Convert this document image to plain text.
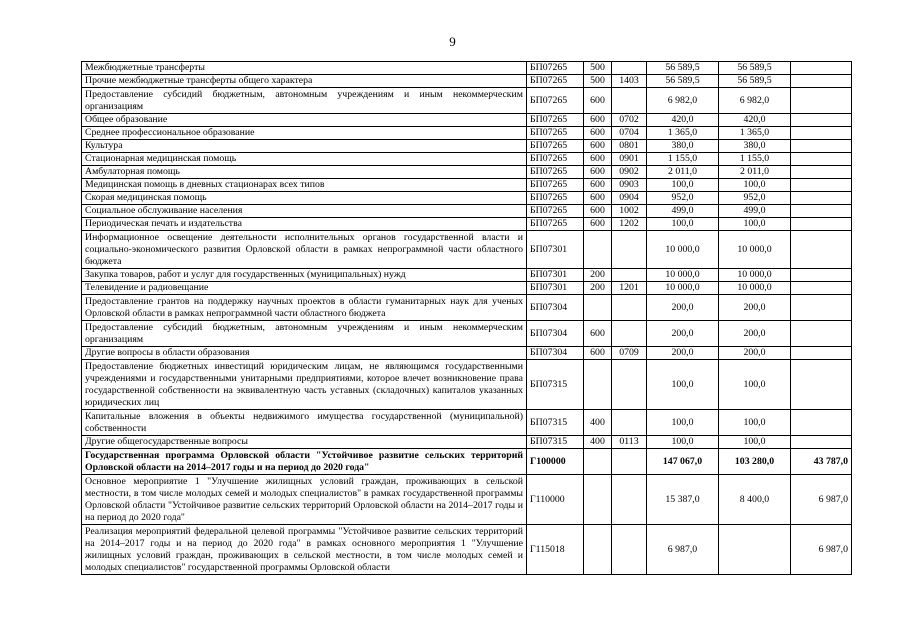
9
Межбюджетные трансферты	БП07265	500		56 589,5	56 589,5	
Прочие межбюджетные трансферты общего характера	БП07265	500	1403	56 589,5	56 589,5	
Предоставление субсидий бюджетным, автономным учреждениям и иным некоммерческим организациям	БП07265	600		6 982,0	6 982,0	
Общее образование	БП07265	600	0702	420,0	420,0	
Среднее профессиональное образование	БП07265	600	0704	1 365,0	1 365,0	
Культура	БП07265	600	0801	380,0	380,0	
Стационарная медицинская помощь	БП07265	600	0901	1 155,0	1 155,0	
Амбулаторная помощь	БП07265	600	0902	2 011,0	2 011,0	
Медицинская помощь в дневных стационарах всех типов	БП07265	600	0903	100,0	100,0	
Скорая медицинская помощь	БП07265	600	0904	952,0	952,0	
Социальное обслуживание населения	БП07265	600	1002	499,0	499,0	
Периодическая печать и издательства	БП07265	600	1202	100,0	100,0	
Информационное освещение деятельности исполнительных органов государственной власти и социально-экономического развития Орловской области в рамках непрограммной части областного бюджета	БП07301			10 000,0	10 000,0	
Закупка товаров, работ и услуг для государственных (муниципальных) нужд	БП07301	200		10 000,0	10 000,0	
Телевидение и радиовещание	БП07301	200	1201	10 000,0	10 000,0	
Предоставление грантов на поддержку научных проектов в области гуманитарных наук для ученых Орловской области в рамках непрограммной части областного бюджета	БП07304			200,0	200,0	
Предоставление субсидий бюджетным, автономным учреждениям и иным некоммерческим организациям	БП07304	600		200,0	200,0	
Другие вопросы в области образования	БП07304	600	0709	200,0	200,0	
Предоставление бюджетных инвестиций юридическим лицам, не являющимся государственными учреждениями и государственными унитарными предприятиями, которое влечет возникновение права государственной собственности на эквивалентную часть уставных (складочных) капиталов указанных юридических лиц	БП07315			100,0	100,0	
Капитальные вложения в объекты недвижимого имущества государственной (муниципальной) собственности	БП07315	400		100,0	100,0	
Другие общегосударственные вопросы	БП07315	400	0113	100,0	100,0	
Государственная программа Орловской области "Устойчивое развитие сельских территорий Орловской области на 2014–2017 годы и на период до 2020 года"	Г100000			147 067,0	103 280,0	43 787,0
Основное мероприятие 1 "Улучшение жилищных условий граждан, проживающих в сельской местности, в том числе молодых семей и молодых специалистов" в рамках государственной программы Орловской области "Устойчивое развитие сельских территорий Орловской области на 2014–2017 годы и на период до 2020 года"	Г110000			15 387,0	8 400,0	6 987,0
Реализация мероприятий федеральной целевой программы "Устойчивое развитие сельских территорий на 2014–2017 годы и на период до 2020 года" в рамках основного мероприятия 1 "Улучшение жилищных условий граждан, проживающих в сельской местности, в том числе молодых семей и молодых специалистов" государственной программы Орловской области	Г115018			6 987,0		6 987,0
